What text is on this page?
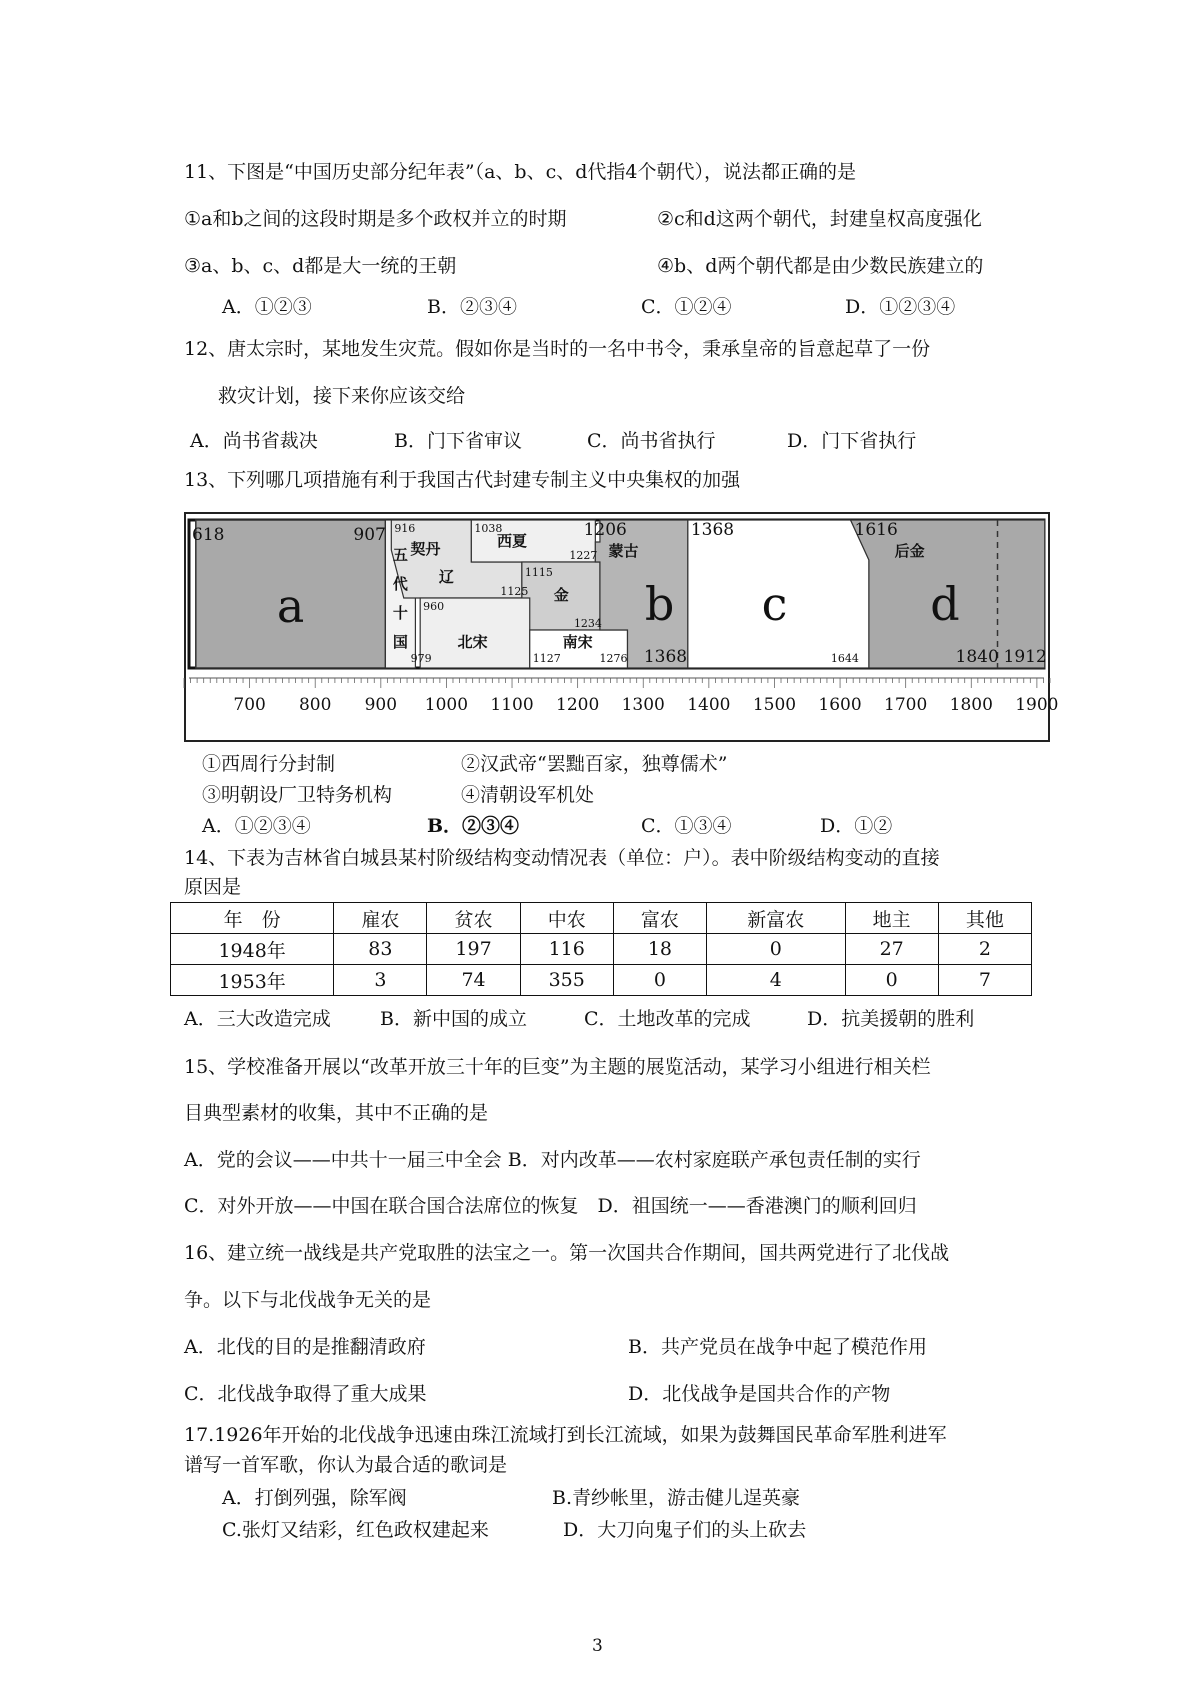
11、下图是“中国历史部分纪年表”（a、b、c、d代指4个朝代），说法都正确的是
①a和b之间的这段时期是多个政权并立的时期	②c和d这两个朝代，封建皇权高度强化
③a、b、c、d都是大一统的王朝	④b、d两个朝代都是由少数民族建立的
A．①②③	B．②③④	C．①②④	D．①②③④
12、唐太宗时，某地发生灾荒。假如你是当时的一名中书令，秉承皇帝的旨意起草了一份
救灾计划，接下来你应该交给
A．尚书省裁决	B．门下省审议	C．尚书省执行	D．门下省执行
13、下列哪几项措施有利于我国古代封建专制主义中央集权的加强
a	b c	d
契丹
辽
西夏
金
北宋	南宋
蒙古	后金
五
代
十
国
618	907 916	1038
1227
1115
1125
1234
960
979	1127	1276
1206
1368
1368
1644
1616
1840 1912
700 800 900 1000 1100 1200 1300 1400 1500 1600 1700 1800 1900
①西周行分封制	②汉武帝“罢黜百家，独尊儒术”
③明朝设厂卫特务机构	④清朝设军机处
A．①②③④	B．②③④	C．①③④	D．①②
14、下表为吉林省白城县某村阶级结构变动情况表（单位：户）。表中阶级结构变动的直接
原因是
年　份	雇农	贫农	中农	富农	新富农	地主	其他
1948年	83	197	116	18	0	27	2
1953年	3	74	355	0	4	0	7
A．三大改造完成	B．新中国的成立	C．土地改革的完成	D．抗美援朝的胜利
15、学校准备开展以“改革开放三十年的巨变”为主题的展览活动，某学习小组进行相关栏
目典型素材的收集，其中不正确的是
A．党的会议——中共十一届三中全会 B．对内改革——农村家庭联产承包责任制的实行
C．对外开放——中国在联合国合法席位的恢复　D．祖国统一——香港澳门的顺利回归
16、建立统一战线是共产党取胜的法宝之一。第一次国共合作期间，国共两党进行了北伐战
争。以下与北伐战争无关的是
A．北伐的目的是推翻清政府	B．共产党员在战争中起了模范作用
C．北伐战争取得了重大成果	D．北伐战争是国共合作的产物
17.1926年开始的北伐战争迅速由珠江流域打到长江流域，如果为鼓舞国民革命军胜利进军
谱写一首军歌，你认为最合适的歌词是
A．打倒列强，除军阀	B.青纱帐里，游击健儿逞英豪
C.张灯又结彩，红色政权建起来	D．大刀向鬼子们的头上砍去
3
